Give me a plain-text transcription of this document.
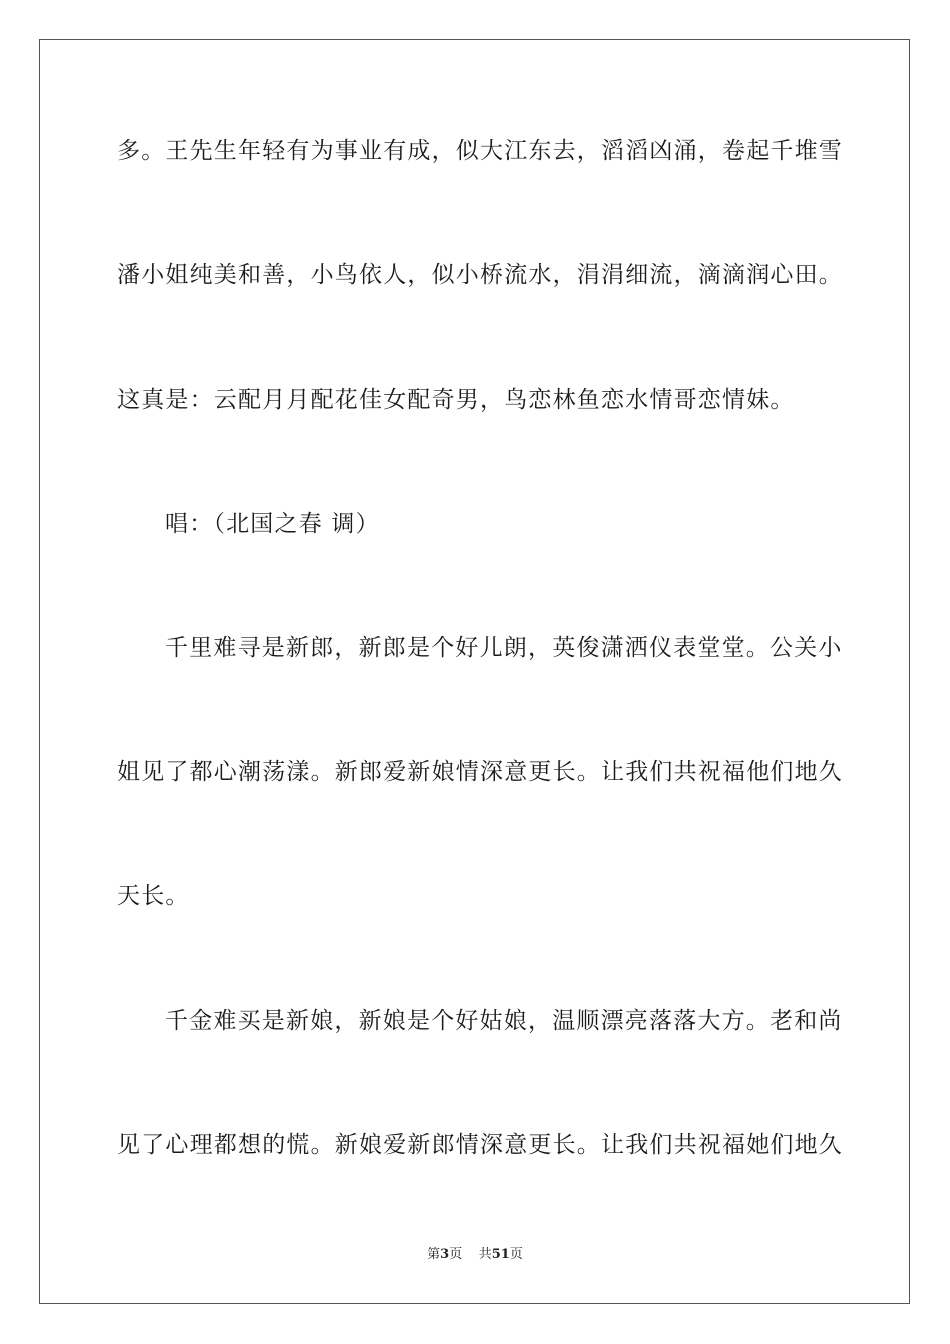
多。王先生年轻有为事业有成，似大江东去，滔滔凶涌，卷起千堆雪
潘小姐纯美和善，小鸟依人，似小桥流水，涓涓细流，滴滴润心田。
这真是：云配月月配花佳女配奇男，鸟恋林鱼恋水情哥恋情妹。
唱：（北国之春 调）
千里难寻是新郎，新郎是个好儿朗，英俊潇洒仪表堂堂。公关小
姐见了都心潮荡漾。新郎爱新娘情深意更长。让我们共祝福他们地久
天长。
千金难买是新娘，新娘是个好姑娘，温顺漂亮落落大方。老和尚
见了心理都想的慌。新娘爱新郎情深意更长。让我们共祝福她们地久
第3页 共51页
